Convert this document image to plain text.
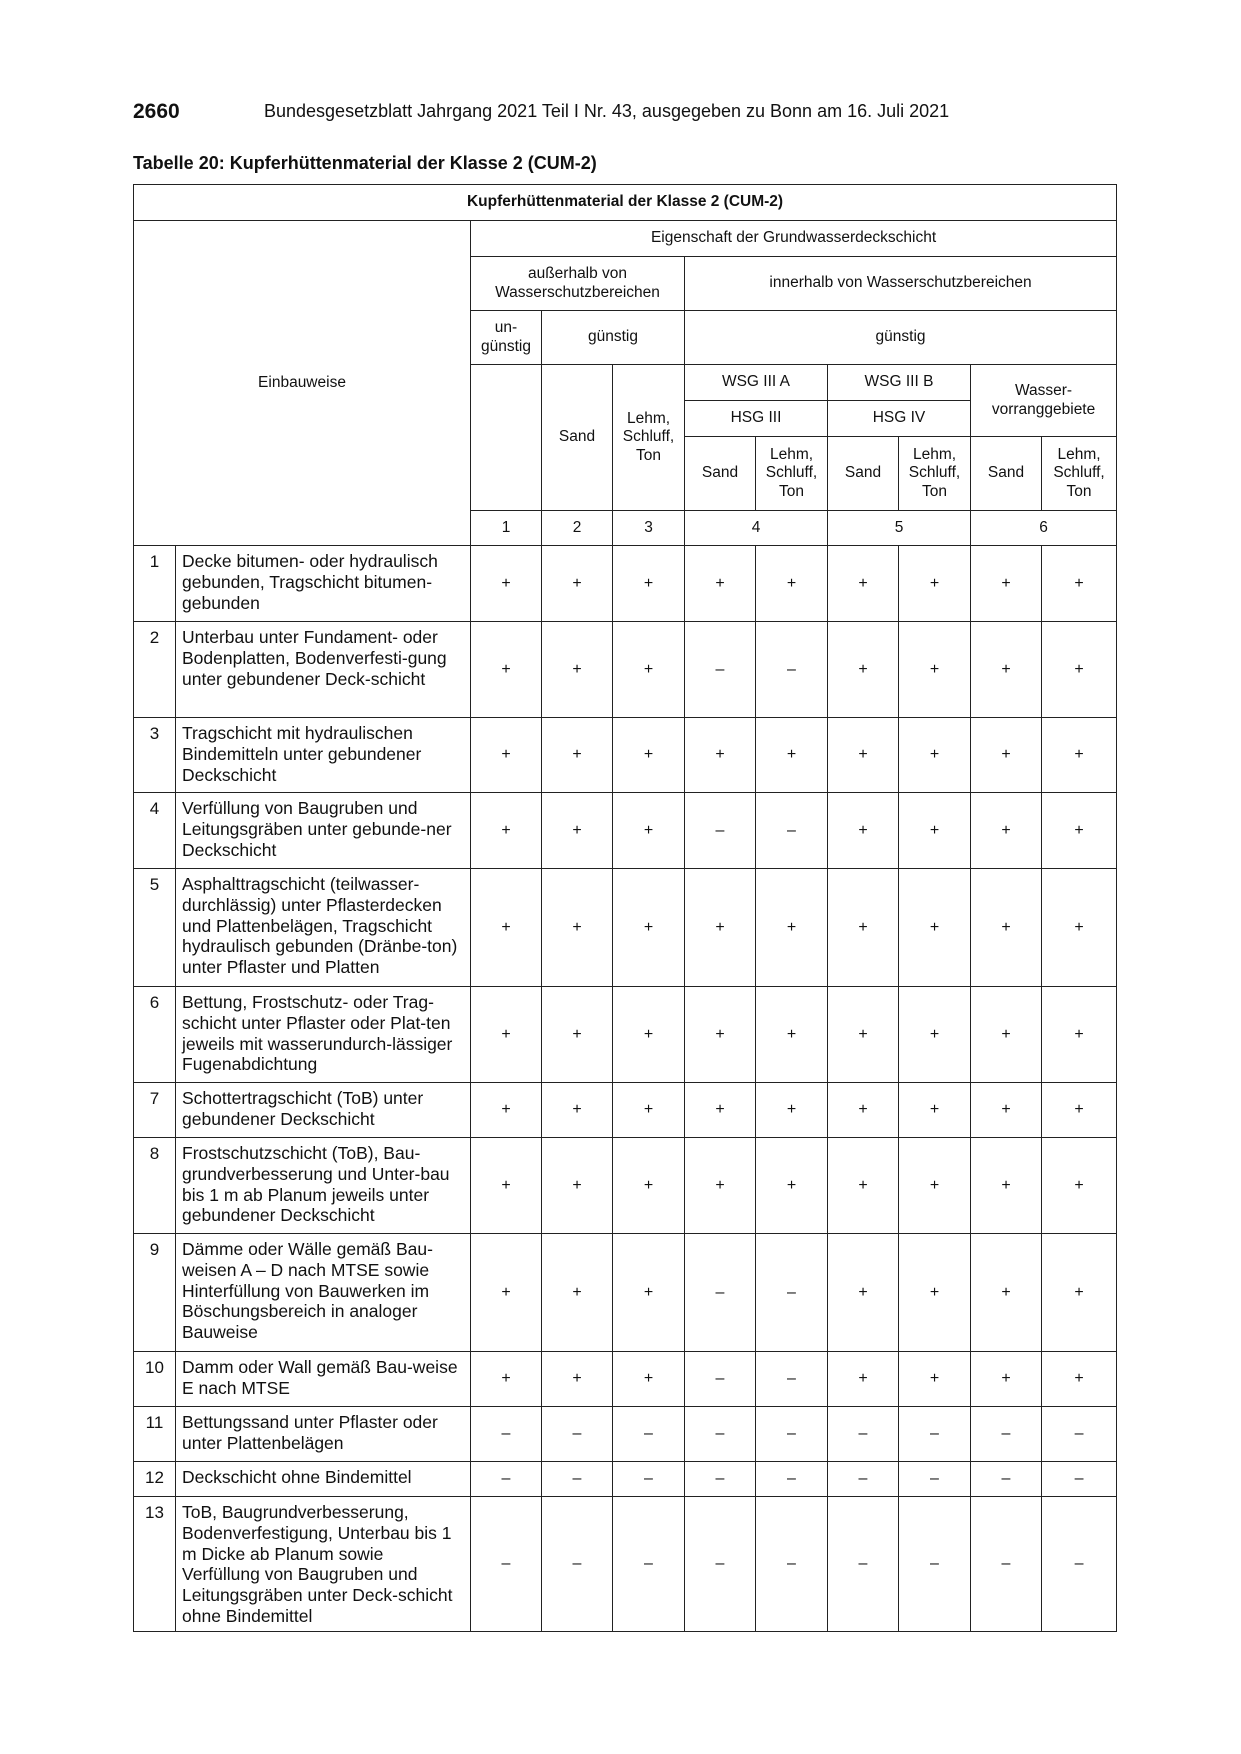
2660	Bundesgesetzblatt Jahrgang 2021 Teil I Nr. 43, ausgegeben zu Bonn am 16. Juli 2021
Tabelle 20: Kupferhüttenmaterial der Klasse 2 (CUM-2)
Kupferhüttenmaterial der Klasse 2 (CUM-2)										
Einbauweise		Eigenschaft der Grundwasserdeckschicht								
		außerhalb von Wasserschutzbereichen			innerhalb von Wasserschutzbereichen					
		un-günstig	günstig		günstig					
			Sand	Lehm, Schluff, Ton	WSG III A		WSG III B		Wasser-vorranggebiete	
					HSG III		HSG IV			
					Sand	Lehm, Schluff, Ton	Sand	Lehm, Schluff, Ton	Sand	Lehm, Schluff, Ton
		1	2	3	4		5		6	
1	Decke bitumen- oder hydraulisch gebunden, Tragschicht bitumen-gebunden	+	+	+	+	+	+	+	+	+
2	Unterbau unter Fundament- oder Bodenplatten, Bodenverfesti-gung unter gebundener Deck-schicht	+	+	+	–	–	+	+	+	+
3	Tragschicht mit hydraulischen Bindemitteln unter gebundener Deckschicht	+	+	+	+	+	+	+	+	+
4	Verfüllung von Baugruben und Leitungsgräben unter gebunde-ner Deckschicht	+	+	+	–	–	+	+	+	+
5	Asphalttragschicht (teilwasser-durchlässig) unter Pflasterdecken und Plattenbelägen, Tragschicht hydraulisch gebunden (Dränbe-ton) unter Pflaster und Platten	+	+	+	+	+	+	+	+	+
6	Bettung, Frostschutz- oder Trag-schicht unter Pflaster oder Plat-ten jeweils mit wasserundurch-lässiger Fugenabdichtung	+	+	+	+	+	+	+	+	+
7	Schottertragschicht (ToB) unter gebundener Deckschicht	+	+	+	+	+	+	+	+	+
8	Frostschutzschicht (ToB), Bau-grundverbesserung und Unter-bau bis 1 m ab Planum jeweils unter gebundener Deckschicht	+	+	+	+	+	+	+	+	+
9	Dämme oder Wälle gemäß Bau-weisen A – D nach MTSE sowie Hinterfüllung von Bauwerken im Böschungsbereich in analoger Bauweise	+	+	+	–	–	+	+	+	+
10	Damm oder Wall gemäß Bau-weise E nach MTSE	+	+	+	–	–	+	+	+	+
11	Bettungssand unter Pflaster oder unter Plattenbelägen	–	–	–	–	–	–	–	–	–
12	Deckschicht ohne Bindemittel	–	–	–	–	–	–	–	–	–
13	ToB, Baugrundverbesserung, Bodenverfestigung, Unterbau bis 1 m Dicke ab Planum sowie Verfüllung von Baugruben und Leitungsgräben unter Deck-schicht ohne Bindemittel	–	–	–	–	–	–	–	–	–
